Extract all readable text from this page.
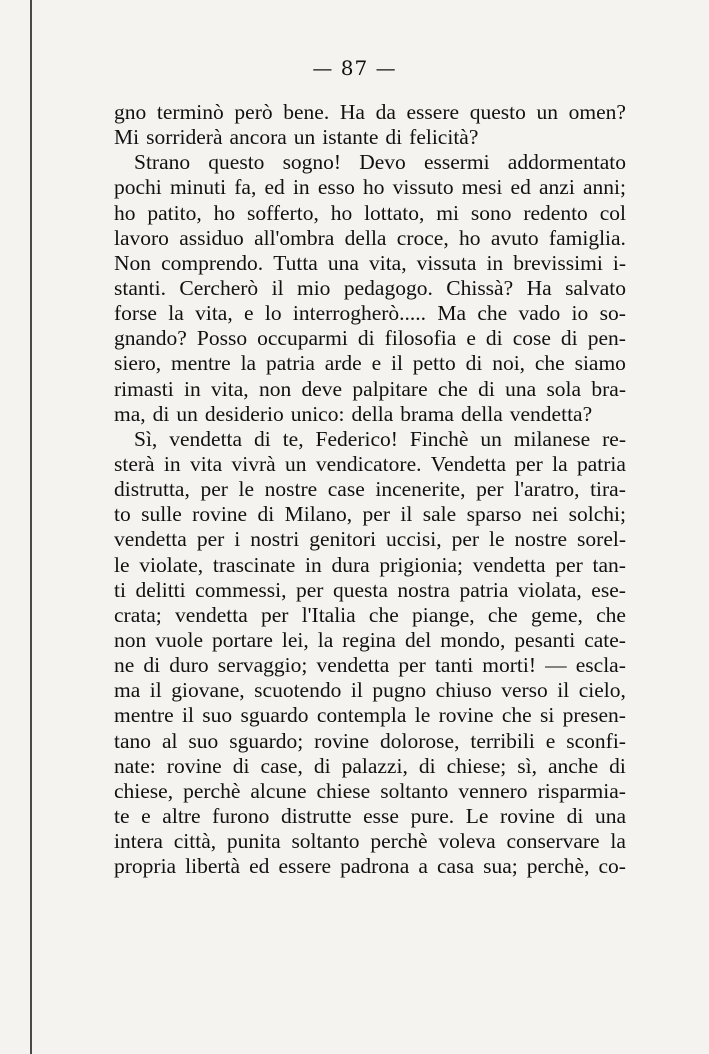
— 87 —
gno terminò però bene. Ha da essere questo un omen?
Mi sorriderà ancora un istante di felicità?
Strano questo sogno! Devo essermi addormentato
pochi minuti fa, ed in esso ho vissuto mesi ed anzi anni;
ho patito, ho sofferto, ho lottato, mi sono redento col
lavoro assiduo all'ombra della croce, ho avuto famiglia.
Non comprendo. Tutta una vita, vissuta in brevissimi i-
stanti. Cercherò il mio pedagogo. Chissà? Ha salvato
forse la vita, e lo interrogherò..... Ma che vado io so-
gnando? Posso occuparmi di filosofia e di cose di pen-
siero, mentre la patria arde e il petto di noi, che siamo
rimasti in vita, non deve palpitare che di una sola bra-
ma, di un desiderio unico: della brama della vendetta?
Sì, vendetta di te, Federico! Finchè un milanese re-
sterà in vita vivrà un vendicatore. Vendetta per la patria
distrutta, per le nostre case incenerite, per l'aratro, tira-
to sulle rovine di Milano, per il sale sparso nei solchi;
vendetta per i nostri genitori uccisi, per le nostre sorel-
le violate, trascinate in dura prigionia; vendetta per tan-
ti delitti commessi, per questa nostra patria violata, ese-
crata; vendetta per l'Italia che piange, che geme, che
non vuole portare lei, la regina del mondo, pesanti cate-
ne di duro servaggio; vendetta per tanti morti! — escla-
ma il giovane, scuotendo il pugno chiuso verso il cielo,
mentre il suo sguardo contempla le rovine che si presen-
tano al suo sguardo; rovine dolorose, terribili e sconfi-
nate: rovine di case, di palazzi, di chiese; sì, anche di
chiese, perchè alcune chiese soltanto vennero risparmia-
te e altre furono distrutte esse pure. Le rovine di una
intera città, punita soltanto perchè voleva conservare la
propria libertà ed essere padrona a casa sua; perchè, co-
